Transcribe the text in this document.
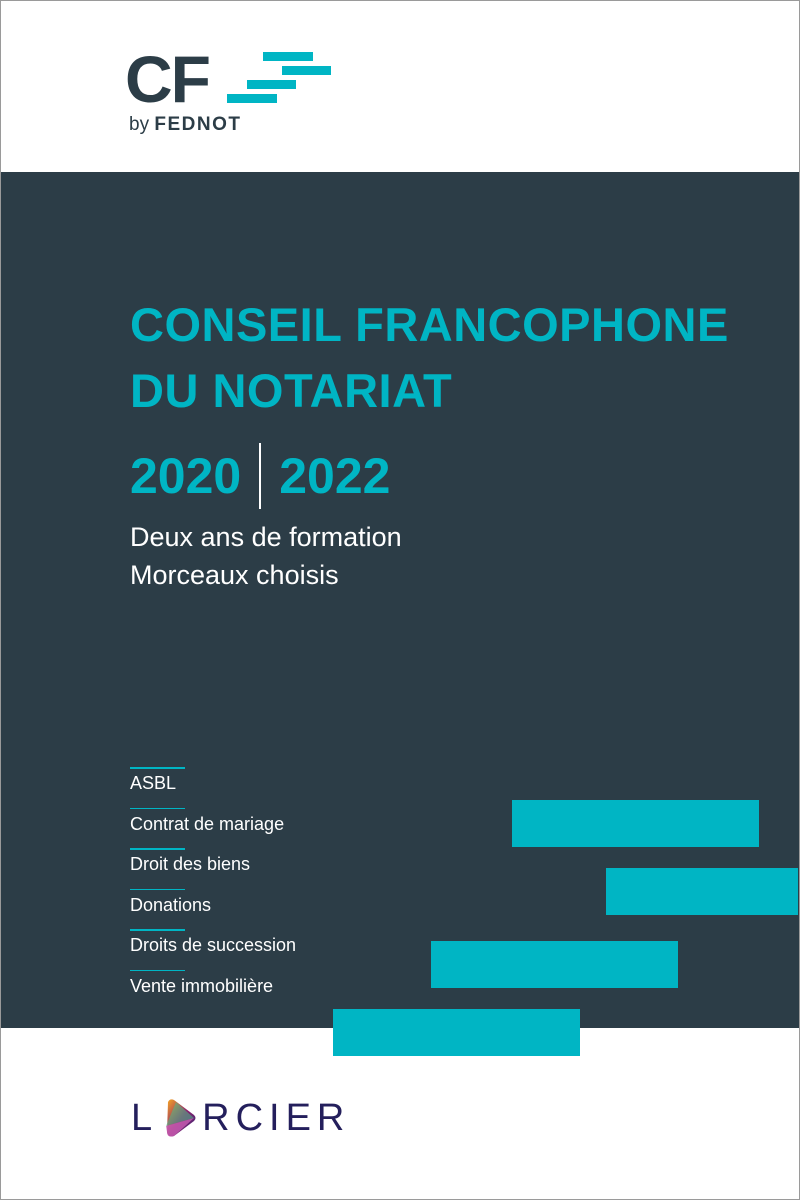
CF
by FEDNOT
CONSEIL FRANCOPHONE
DU NOTARIAT
2020 2022
Deux ans de formation
Morceaux choisis
ASBL
Contrat de mariage
Droit des biens
Donations
Droits de succession
Vente immobilière
L RCIER
